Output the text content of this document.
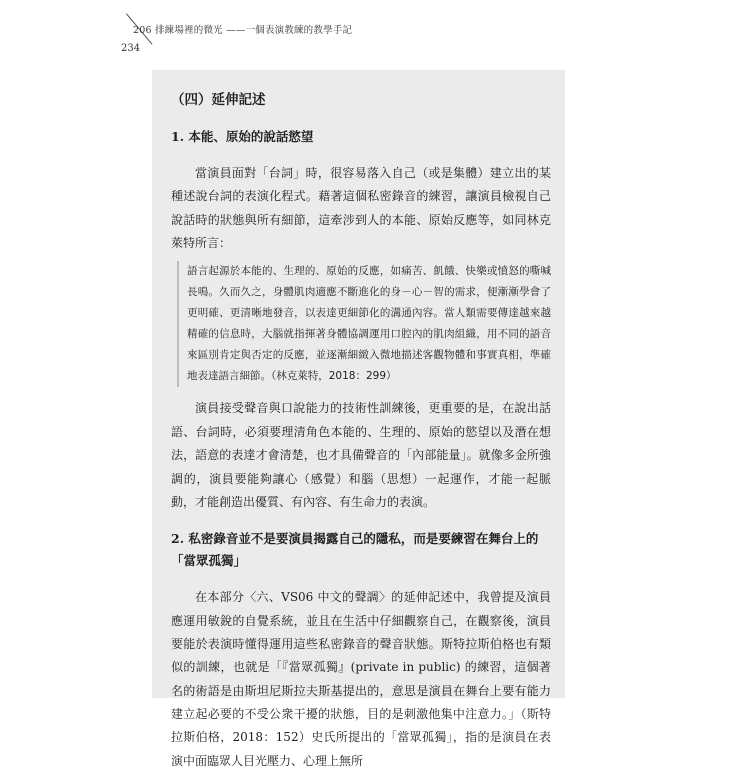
206 排練場裡的微光 ——一個表演教練的教學手記
234
（四）延伸記述
1. 本能、原始的說話慾望

當演員面對「台詞」時，很容易落入自己（或是集體）建立出的某種述說台詞的表演化程式。藉著這個私密錄音的練習，讓演員檢視自己說話時的狀態與所有細節，這牽涉到人的本能、原始反應等，如同林克萊特所言：

語言起源於本能的、生理的、原始的反應，如痛苦、飢餓、快樂或憤怒的嘶喊長鳴。久而久之，身體肌肉適應不斷進化的身－心－智的需求，便漸漸學會了更明確、更清晰地發音，以表達更細節化的溝通內容。當人類需要傳達越來越精確的信息時，大腦就指揮著身體協調運用口腔內的肌肉組織，用不同的語音來區別肯定與否定的反應，並逐漸細緻入微地描述客觀物體和事實真相，準確地表達語言細節。（林克萊特，2018：299）

演員接受聲音與口說能力的技術性訓練後，更重要的是，在說出話語、台詞時，必須要理清角色本能的、生理的、原始的慾望以及潛在想法，語意的表達才會清楚，也才具備聲音的「內部能量」。就像多金所強調的，演員要能夠讓心（感覺）和腦（思想）一起運作，才能一起脈動，才能創造出優質、有內容、有生命力的表演。

2. 私密錄音並不是要演員揭露自己的隱私，而是要練習在舞台上的「當眾孤獨」

在本部分〈六、VS06 中文的聲調〉的延伸記述中，我曾提及演員應運用敏銳的自覺系統，並且在生活中仔細觀察自己，在觀察後，演員要能於表演時懂得運用這些私密錄音的聲音狀態。斯特拉斯伯格也有類似的訓練，也就是「『當眾孤獨』(private in public) 的練習，這個著名的術語是由斯坦尼斯拉夫斯基提出的，意思是演員在舞台上要有能力建立起必要的不受公衆干擾的狀態，目的是刺激他集中注意力。」（斯特拉斯伯格，2018：152）史氏所提出的「當眾孤獨」，指的是演員在表演中面臨眾人目光壓力、心理上無所
